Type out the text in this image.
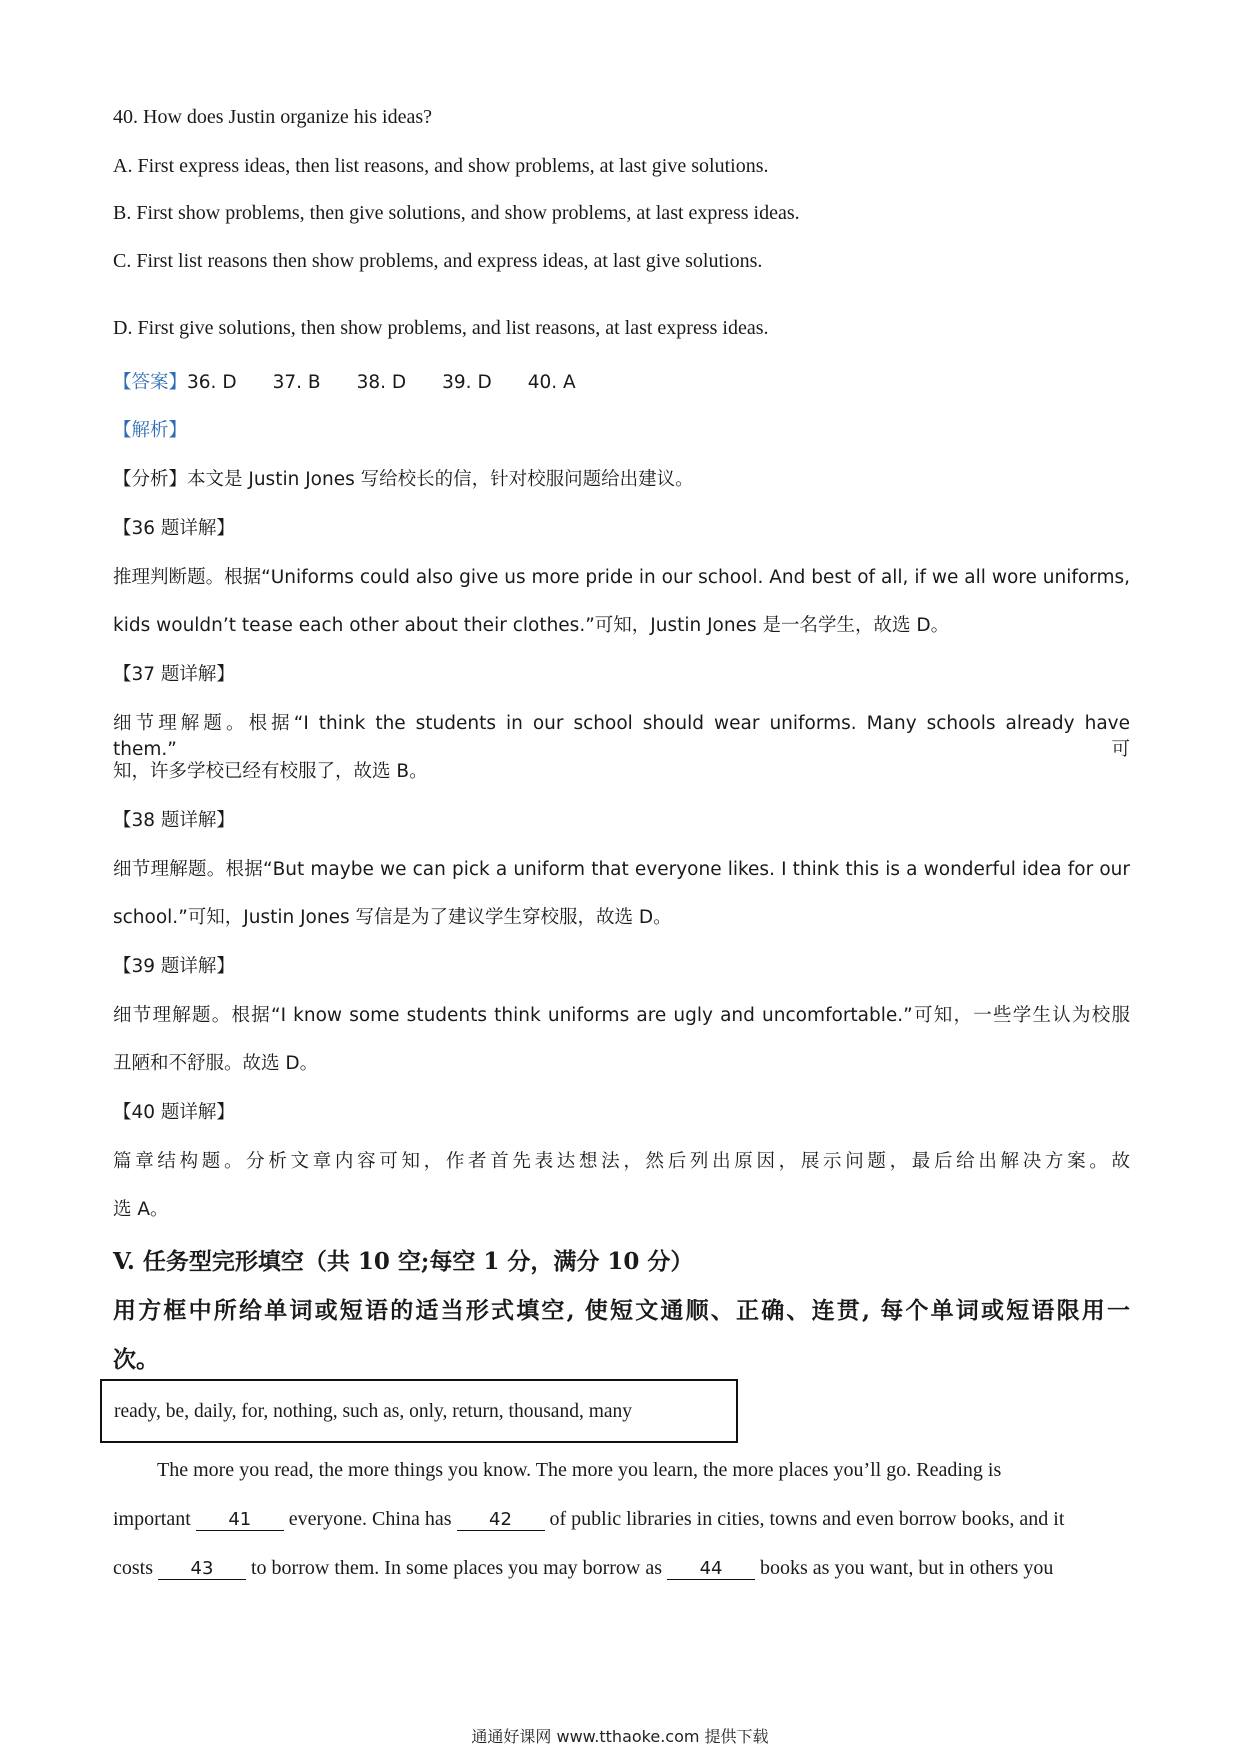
40. How does Justin organize his ideas?
A. First express ideas, then list reasons, and show problems, at last give solutions.
B. First show problems, then give solutions, and show problems, at last express ideas.
C. First list reasons then show problems, and express ideas, at last give solutions.
D. First give solutions, then show problems, and list reasons, at last express ideas.
【答案】36. D 37. B 38. D 39. D 40. A
【解析】
【分析】本文是 Justin Jones 写给校长的信，针对校服问题给出建议。
【36 题详解】
推理判断题。根据“Uniforms could also give us more pride in our school. And best of all, if we all wore uniforms,
kids wouldn’t tease each other about their clothes.”可知，Justin Jones 是一名学生，故选 D。
【37 题详解】
细节理解题。根据“I think the students in our school should wear uniforms. Many schools already have them.”可
知，许多学校已经有校服了，故选 B。
【38 题详解】
细节理解题。根据“But maybe we can pick a uniform that everyone likes. I think this is a wonderful idea for our
school.”可知，Justin Jones 写信是为了建议学生穿校服，故选 D。
【39 题详解】
细节理解题。根据“I know some students think uniforms are ugly and uncomfortable.”可知，一些学生认为校服
丑陋和不舒服。故选 D。
【40 题详解】
篇章结构题。分析文章内容可知，作者首先表达想法，然后列出原因，展示问题，最后给出解决方案。故
选 A。
V. 任务型完形填空（共 10 空;每空 1 分，满分 10 分）
用方框中所给单词或短语的适当形式填空, 使短文通顺、正确、连贯, 每个单词或短语限用一
次。
ready, be, daily, for, nothing, such as, only, return, thousand, many
The more you read, the more things you know. The more you learn, the more places you’ll go. Reading is
important 41 everyone. China has 42 of public libraries in cities, towns and even borrow books, and it
costs 43 to borrow them. In some places you may borrow as 44 books as you want, but in others you
通通好课网 www.tthaoke.com 提供下载
